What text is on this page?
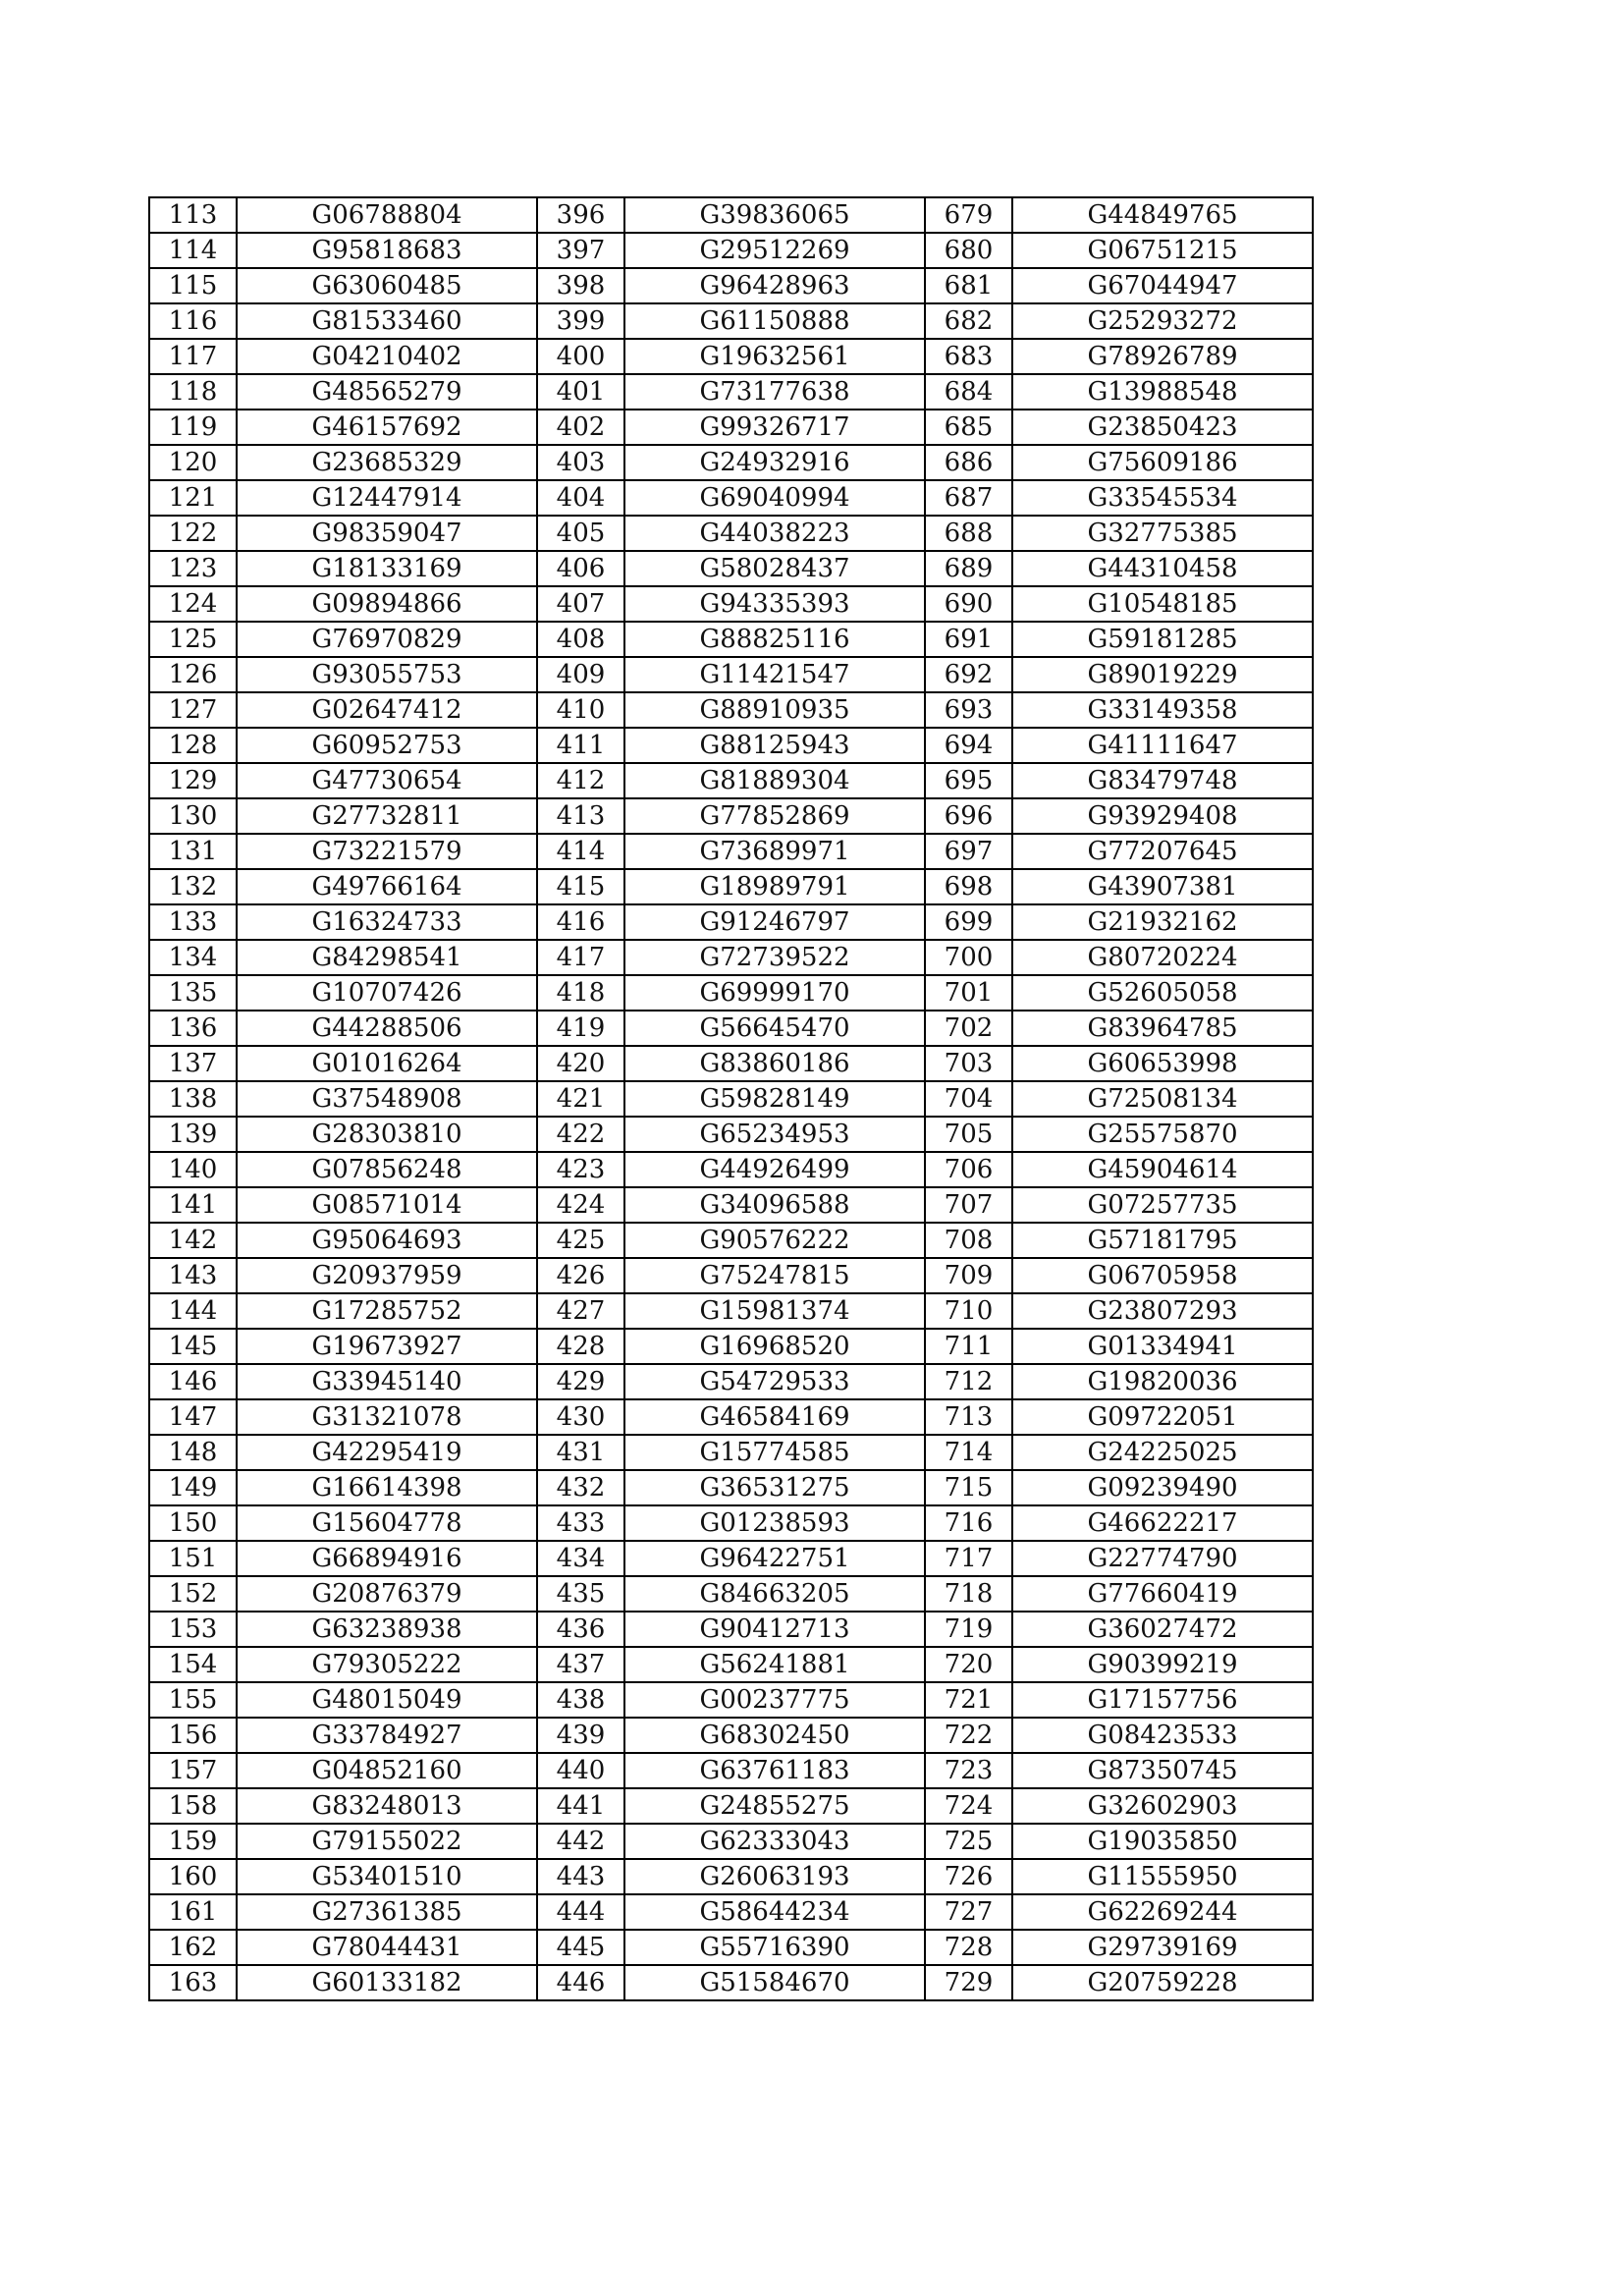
113	G06788804	396	G39836065	679	G44849765
114	G95818683	397	G29512269	680	G06751215
115	G63060485	398	G96428963	681	G67044947
116	G81533460	399	G61150888	682	G25293272
117	G04210402	400	G19632561	683	G78926789
118	G48565279	401	G73177638	684	G13988548
119	G46157692	402	G99326717	685	G23850423
120	G23685329	403	G24932916	686	G75609186
121	G12447914	404	G69040994	687	G33545534
122	G98359047	405	G44038223	688	G32775385
123	G18133169	406	G58028437	689	G44310458
124	G09894866	407	G94335393	690	G10548185
125	G76970829	408	G88825116	691	G59181285
126	G93055753	409	G11421547	692	G89019229
127	G02647412	410	G88910935	693	G33149358
128	G60952753	411	G88125943	694	G41111647
129	G47730654	412	G81889304	695	G83479748
130	G27732811	413	G77852869	696	G93929408
131	G73221579	414	G73689971	697	G77207645
132	G49766164	415	G18989791	698	G43907381
133	G16324733	416	G91246797	699	G21932162
134	G84298541	417	G72739522	700	G80720224
135	G10707426	418	G69999170	701	G52605058
136	G44288506	419	G56645470	702	G83964785
137	G01016264	420	G83860186	703	G60653998
138	G37548908	421	G59828149	704	G72508134
139	G28303810	422	G65234953	705	G25575870
140	G07856248	423	G44926499	706	G45904614
141	G08571014	424	G34096588	707	G07257735
142	G95064693	425	G90576222	708	G57181795
143	G20937959	426	G75247815	709	G06705958
144	G17285752	427	G15981374	710	G23807293
145	G19673927	428	G16968520	711	G01334941
146	G33945140	429	G54729533	712	G19820036
147	G31321078	430	G46584169	713	G09722051
148	G42295419	431	G15774585	714	G24225025
149	G16614398	432	G36531275	715	G09239490
150	G15604778	433	G01238593	716	G46622217
151	G66894916	434	G96422751	717	G22774790
152	G20876379	435	G84663205	718	G77660419
153	G63238938	436	G90412713	719	G36027472
154	G79305222	437	G56241881	720	G90399219
155	G48015049	438	G00237775	721	G17157756
156	G33784927	439	G68302450	722	G08423533
157	G04852160	440	G63761183	723	G87350745
158	G83248013	441	G24855275	724	G32602903
159	G79155022	442	G62333043	725	G19035850
160	G53401510	443	G26063193	726	G11555950
161	G27361385	444	G58644234	727	G62269244
162	G78044431	445	G55716390	728	G29739169
163	G60133182	446	G51584670	729	G20759228
